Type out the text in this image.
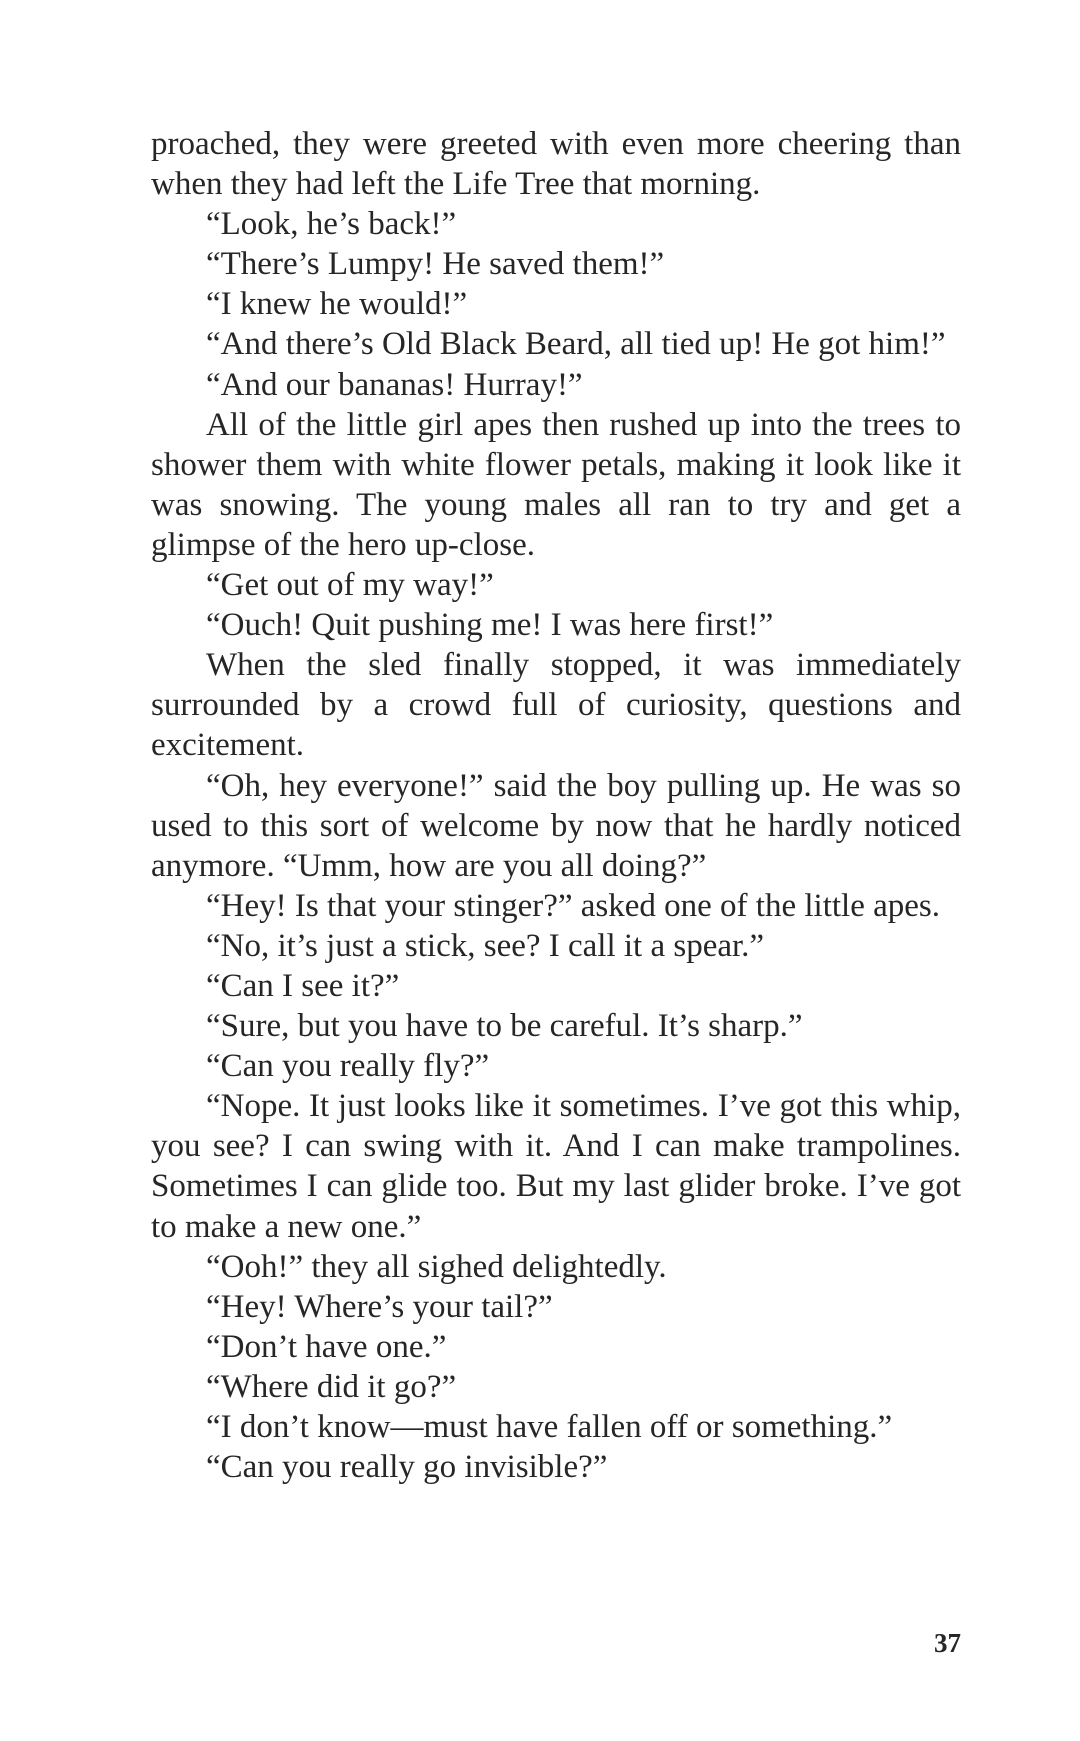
proached, they were greeted with even more cheering than when they had left the Life Tree that morning.

“Look, he’s back!”

“There’s Lumpy! He saved them!”

“I knew he would!”

“And there’s Old Black Beard, all tied up! He got him!”

“And our bananas! Hurray!”

All of the little girl apes then rushed up into the trees to shower them with white flower petals, making it look like it was snowing. The young males all ran to try and get a glimpse of the hero up-close.

“Get out of my way!”

“Ouch! Quit pushing me! I was here first!”

When the sled finally stopped, it was immediately surrounded by a crowd full of curiosity, questions and excitement.

“Oh, hey everyone!” said the boy pulling up. He was so used to this sort of welcome by now that he hardly noticed anymore. “Umm, how are you all doing?”

“Hey! Is that your stinger?” asked one of the little apes.

“No, it’s just a stick, see? I call it a spear.”

“Can I see it?”

“Sure, but you have to be careful. It’s sharp.”

“Can you really fly?”

“Nope. It just looks like it sometimes. I’ve got this whip, you see? I can swing with it. And I can make trampolines. Sometimes I can glide too. But my last glider broke. I’ve got to make a new one.”

“Ooh!” they all sighed delightedly.

“Hey! Where’s your tail?”

“Don’t have one.”

“Where did it go?”

“I don’t know—must have fallen off or something.”

“Can you really go invisible?”

37
